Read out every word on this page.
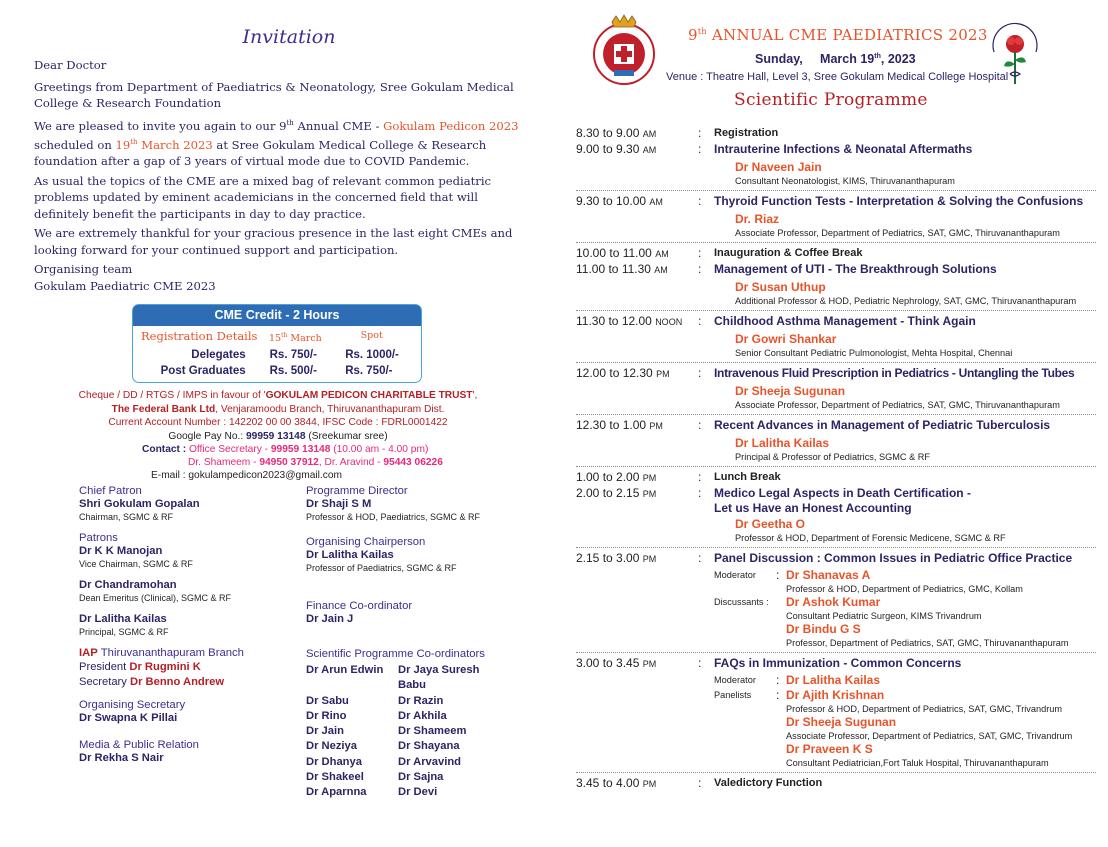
Invitation

Dear Doctor

Greetings from Department of Paediatrics & Neonatology, Sree Gokulam Medical College & Research Foundation

We are pleased to invite you again to our 9th Annual CME - Gokulam Pedicon 2023 scheduled on 19th March 2023 at Sree Gokulam Medical College & Research foundation after a gap of 3 years of virtual mode due to COVID Pandemic.

As usual the topics of the CME are a mixed bag of relevant common pediatric problems updated by eminent academicians in the concerned field that will definitely benefit the participants in day to day practice.

We are extremely thankful for your gracious presence in the last eight CMEs and looking forward for your continued support and participation.

Organising team

Gokulam Paediatric CME 2023

CME Credit - 2 Hours
Registration Details	15th March	Spot
Delegates	Rs. 750/-	Rs. 1000/-
Post Graduates	Rs. 500/-	Rs. 750/-
Cheque / DD / RTGS / IMPS in favour of 'GOKULAM PEDICON CHARITABLE TRUST',
The Federal Bank Ltd, Venjaramoodu Branch, Thiruvananthapuram Dist.
Current Account Number : 142202 00 00 3844, IFSC Code : FDRL0001422
Google Pay No.: 99959 13148 (Sreekumar sree)
Contact : Office Secretary - 99959 13148 (10.00 am - 4.00 pm)
Dr. Shameem - 94950 37912, Dr. Aravind - 95443 06226
E-mail : gokulampedicon2023@gmail.com
Chief Patron
Shri Gokulam Gopalan
Chairman, SGMC & RF
Patrons
Dr K K Manojan
Vice Chairman, SGMC & RF
Dr Chandramohan
Dean Emeritus (Clinical), SGMC & RF
Dr Lalitha Kailas
Principal, SGMC & RF
IAP Thiruvananthapuram Branch
President Dr Rugmini K
Secretary Dr Benno Andrew
Organising Secretary
Dr Swapna K Pillai
Media & Public Relation
Dr Rekha S Nair
Programme Director
Dr Shaji S M
Professor & HOD, Paediatrics, SGMC & RF
Organising Chairperson
Dr Lalitha Kailas
Professor of Paediatrics, SGMC & RF
Finance Co-ordinator
Dr Jain J
Scientific Programme Co-ordinators
Dr Arun Edwin	Dr Jaya Suresh Babu
Dr Sabu	Dr Razin
Dr Rino	Dr Akhila
Dr Jain	Dr Shameem
Dr Neziya	Dr Shayana
Dr Dhanya	Dr Arvavind
Dr Shakeel	Dr Sajna
Dr Aparnna	Dr Devi
9th ANNUAL CME PAEDIATRICS 2023
Sunday,     March 19th, 2023
Venue : Theatre Hall, Level 3, Sree Gokulam Medical College Hospital
Scientific Programme
8.30 to 9.00 AM	: Registration
9.00 to 9.30 AM	: Intrauterine Infections & Neonatal Aftermaths
Dr Naveen Jain
Consultant Neonatologist, KIMS, Thiruvananthapuram
9.30 to 10.00 AM	: Thyroid Function Tests - Interpretation & Solving the Confusions
Dr. Riaz
Associate Professor, Department of Pediatrics, SAT, GMC, Thiruvananthapuram
10.00 to 11.00 AM	: Inauguration & Coffee Break
11.00 to 11.30 AM	: Management of UTI - The Breakthrough Solutions
Dr Susan Uthup
Additional Professor & HOD, Pediatric Nephrology, SAT, GMC, Thiruvananthapuram
11.30 to 12.00 NOON	: Childhood Asthma Management - Think Again
Dr Gowri Shankar
Senior Consultant Pediatric Pulmonologist, Mehta Hospital, Chennai
12.00 to 12.30 PM	: Intravenous Fluid Prescription in Pediatrics - Untangling the Tubes
Dr Sheeja Sugunan
Associate Professor, Department of Pediatrics, SAT, GMC, Thiruvananthapuram
12.30 to 1.00 PM	: Recent Advances in Management of Pediatric Tuberculosis
Dr Lalitha Kailas
Principal & Professor of Pediatrics, SGMC & RF
1.00 to 2.00 PM	: Lunch Break
2.00 to 2.15 PM	: Medico Legal Aspects in Death Certification -
Let us Have an Honest Accounting
Dr Geetha O
Professor & HOD, Department of Forensic Medicene, SGMC & RF
2.15 to 3.00 PM	: Panel Discussion : Common Issues in Pediatric Office Practice
Moderator	: Dr Shanavas A
Professor & HOD, Department of Pediatrics, GMC, Kollam
Discussants :	Dr Ashok Kumar
Consultant Pediatric Surgeon, KIMS Trivandrum
Dr Bindu G S
Professor, Department of Pediatrics, SAT, GMC, Thiruvananthapuram
3.00 to 3.45 PM	: FAQs in Immunization - Common Concerns
Moderator	: Dr Lalitha Kailas
Panelists	: Dr Ajith Krishnan
Professor & HOD, Department of Pediatrics, SAT, GMC, Trivandrum
Dr Sheeja Sugunan
Associate Professor, Department of Pediatrics, SAT, GMC, Trivandrum
Dr Praveen K S
Consultant Pediatrician,Fort Taluk Hospital, Thiruvananthapuram
3.45 to 4.00 PM	: Valedictory Function
